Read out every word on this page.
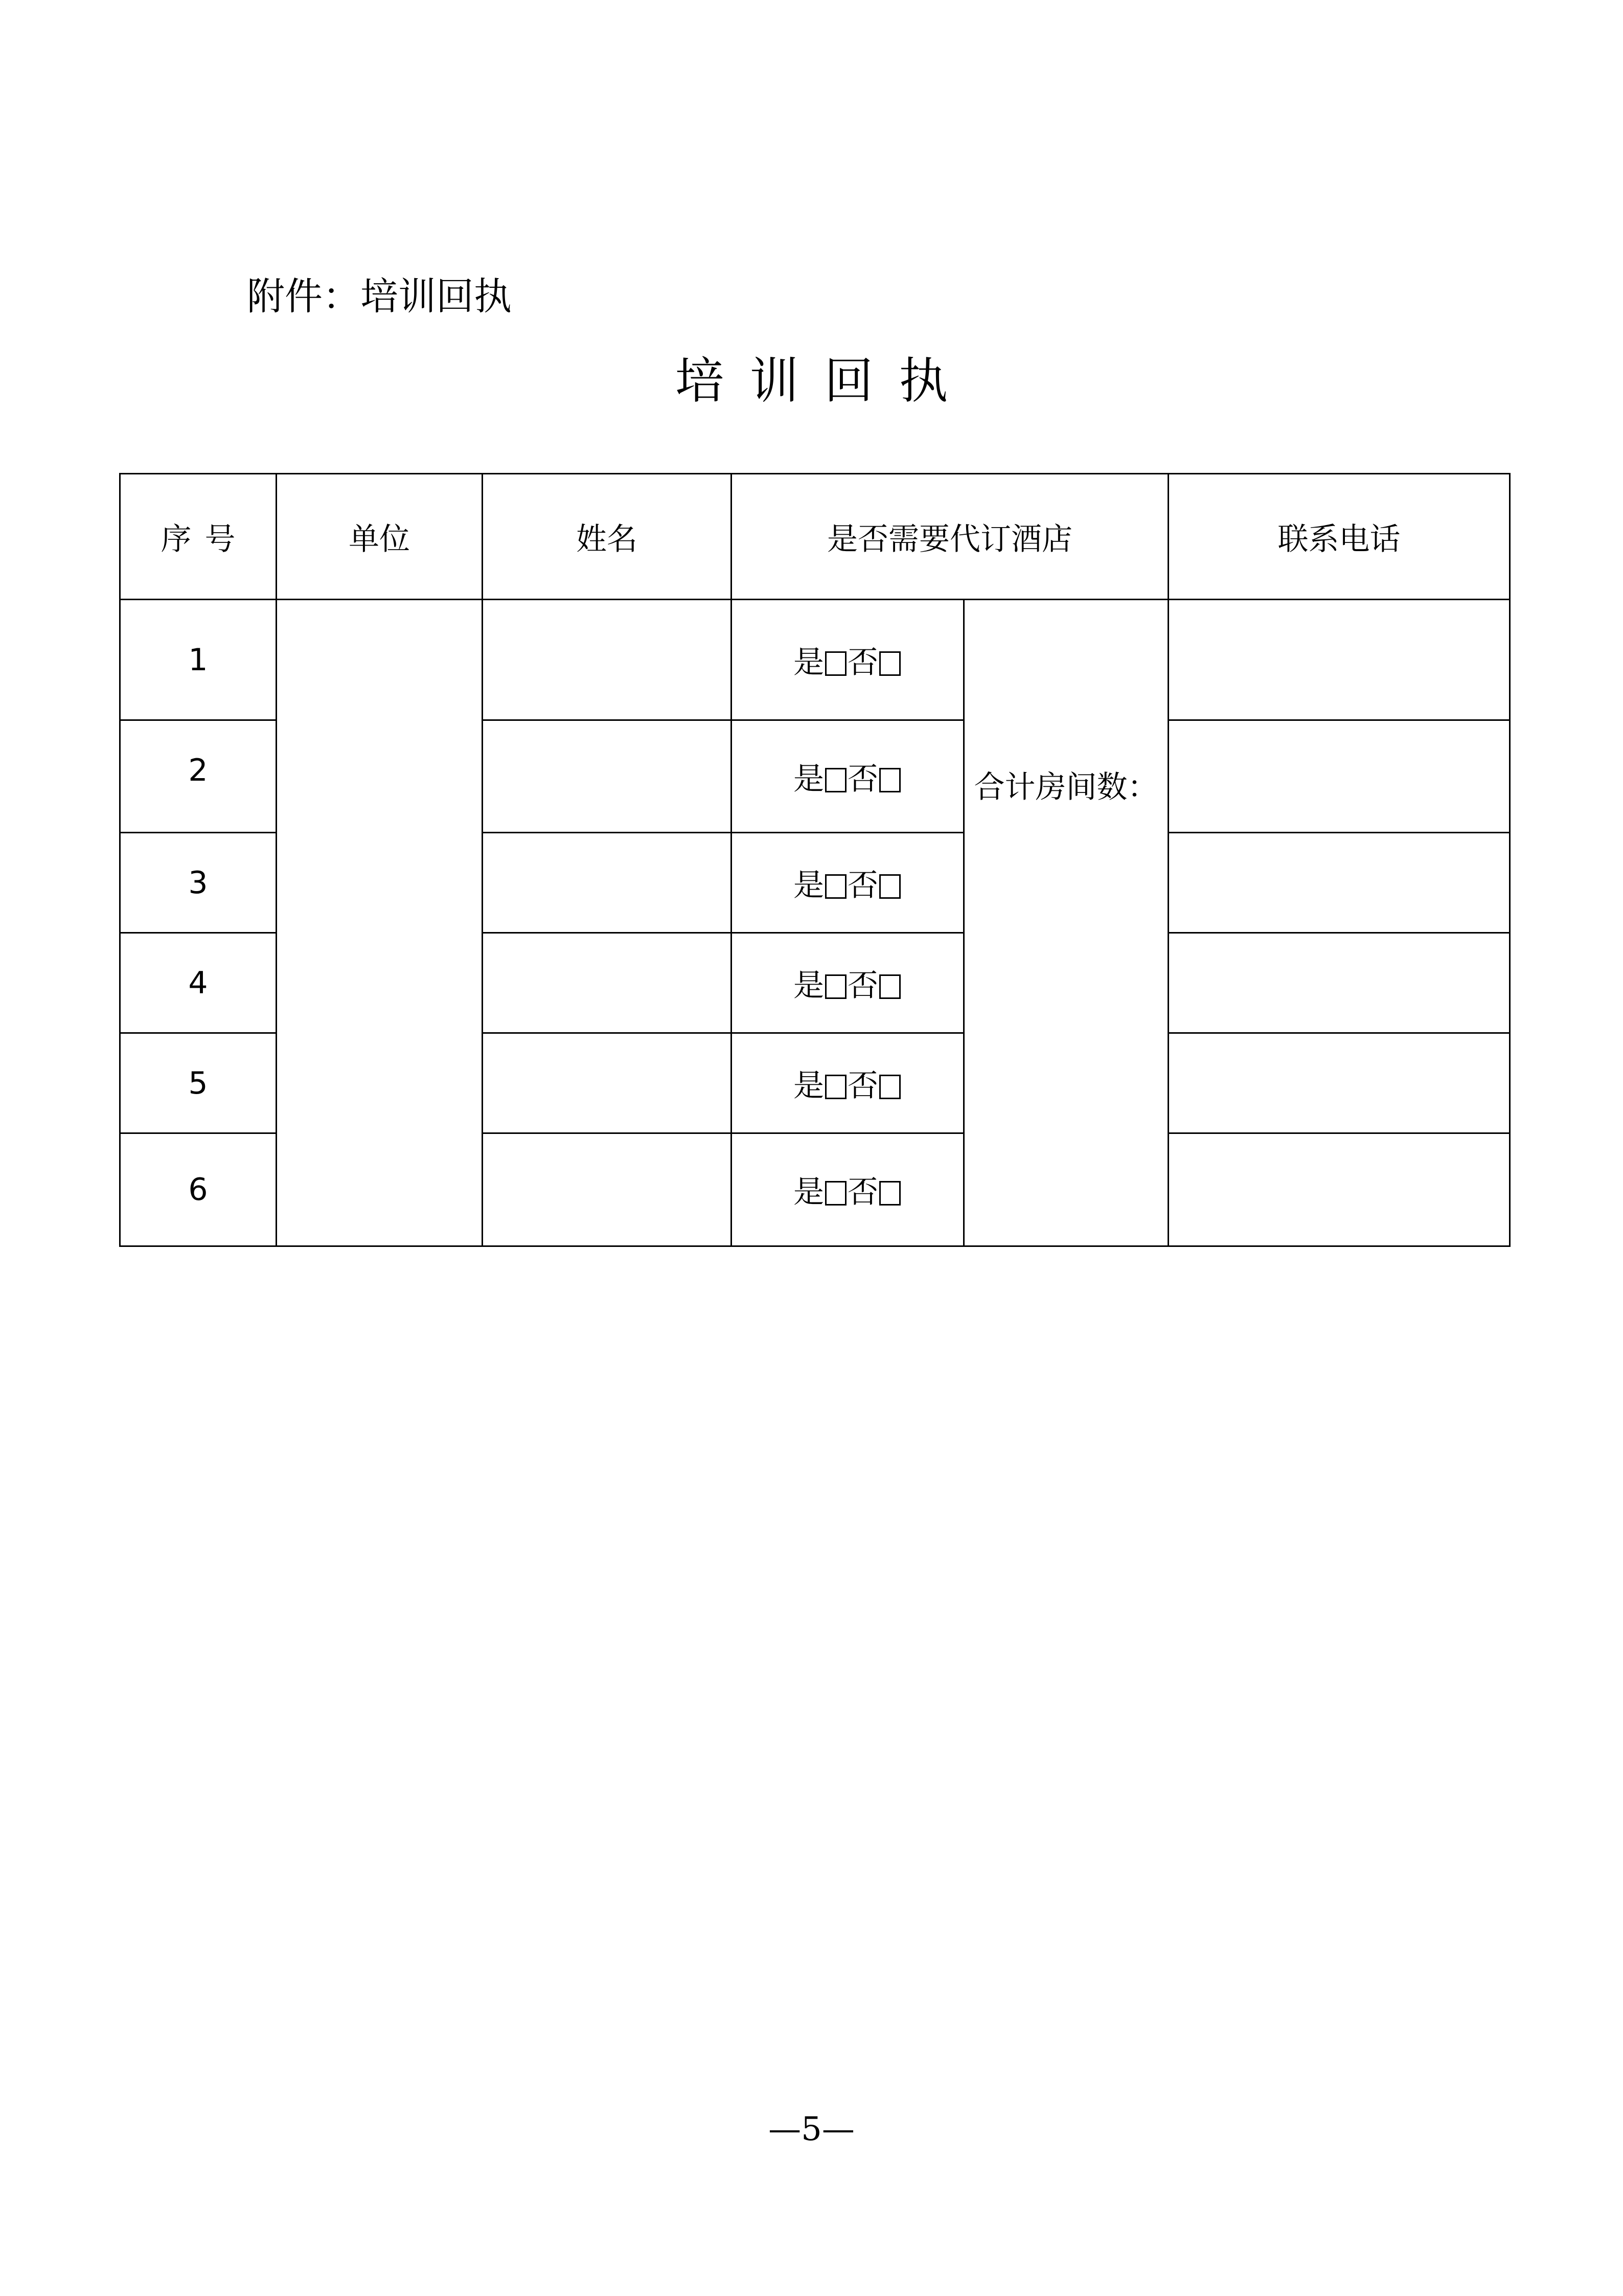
附件：培训回执
培训回执
序号	单位	姓名	是否需要代订酒店		联系电话
1			是 否	合计房间数：	
2			是 否		
3			是 否		
4			是 否		
5			是 否		
6			是 否		
—5—
